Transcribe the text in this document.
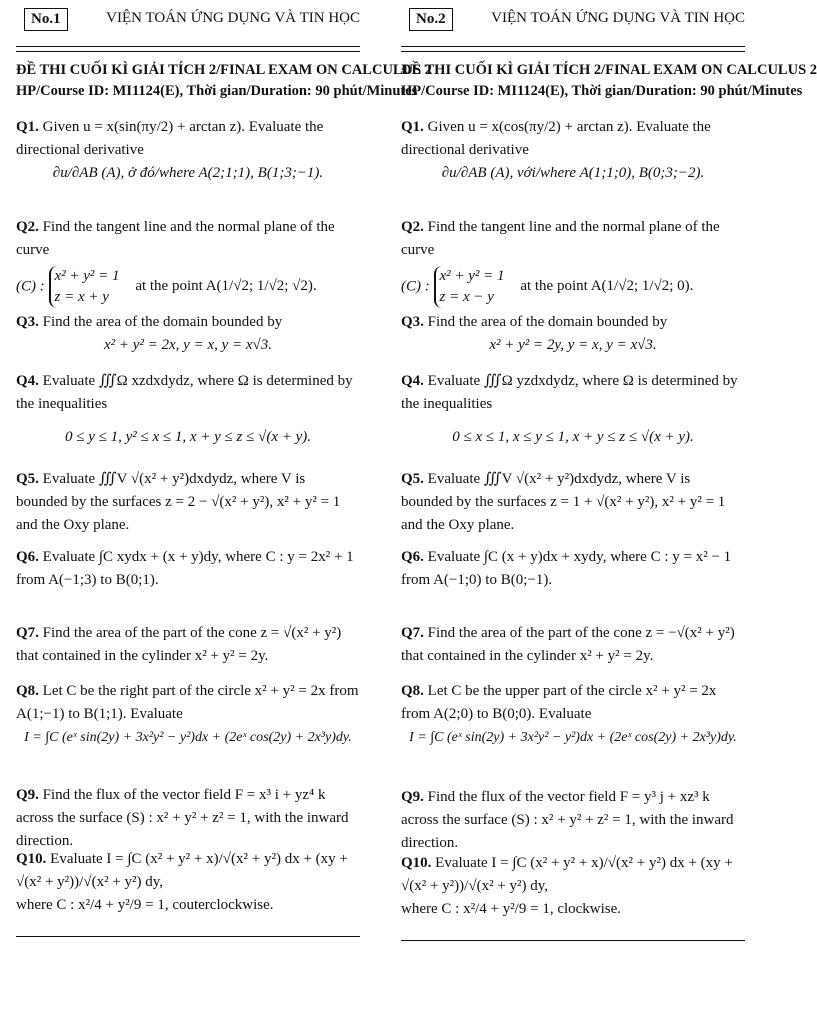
No.1	VIỆN TOÁN ỨNG DỤNG VÀ TIN HỌC
ĐỀ THI CUỐI KÌ GIẢI TÍCH 2/FINAL EXAM ON CALCULUS 2
HP/Course ID: MI1124(E), Thời gian/Duration: 90 phút/Minutes
Q1. Given u = x(sin(πy/2) + arctan z). Evaluate the directional derivative
∂u/∂AB (A), ở đó/where A(2;1;1), B(1;3;−1).
Q2. Find the tangent line and the normal plane of the curve
(C) :
x² + y² = 1
z = x + y
at the point A(1/√2; 1/√2; √2).
Q3. Find the area of the domain bounded by
x² + y² = 2x, y = x, y = x√3.
Q4. Evaluate ∭Ω xzdxdydz, where Ω is determined by the inequalities
0 ≤ y ≤ 1, y² ≤ x ≤ 1, x + y ≤ z ≤ √(x + y).
Q5. Evaluate ∭V √(x² + y²)dxdydz, where V is bounded by the surfaces z = 2 − √(x² + y²), x² + y² = 1 and the Oxy plane.
Q6. Evaluate ∫C xydx + (x + y)dy, where C : y = 2x² + 1 from A(−1;3) to B(0;1).
Q7. Find the area of the part of the cone z = √(x² + y²) that contained in the cylinder x² + y² = 2y.
Q8. Let C be the right part of the circle x² + y² = 2x from A(1;−1) to B(1;1). Evaluate
I = ∫C (eˣ sin(2y) + 3x²y² − y²)dx + (2eˣ cos(2y) + 2x³y)dy.
Q9. Find the flux of the vector field F = x³ i + yz⁴ k across the surface (S) : x² + y² + z² = 1, with the inward direction.
Q10. Evaluate I = ∫C (x² + y² + x)/√(x² + y²) dx + (xy + √(x² + y²))/√(x² + y²) dy,
where C : x²/4 + y²/9 = 1, couterclockwise.
No.2	VIỆN TOÁN ỨNG DỤNG VÀ TIN HỌC
ĐỀ THI CUỐI KÌ GIẢI TÍCH 2/FINAL EXAM ON CALCULUS 2
HP/Course ID: MI1124(E), Thời gian/Duration: 90 phút/Minutes
Q1. Given u = x(cos(πy/2) + arctan z). Evaluate the directional derivative
∂u/∂AB (A), với/where A(1;1;0), B(0;3;−2).
Q2. Find the tangent line and the normal plane of the curve
(C) :
x² + y² = 1
z = x − y
at the point A(1/√2; 1/√2; 0).
Q3. Find the area of the domain bounded by
x² + y² = 2y, y = x, y = x√3.
Q4. Evaluate ∭Ω yzdxdydz, where Ω is determined by the inequalities
0 ≤ x ≤ 1, x ≤ y ≤ 1, x + y ≤ z ≤ √(x + y).
Q5. Evaluate ∭V √(x² + y²)dxdydz, where V is bounded by the surfaces z = 1 + √(x² + y²), x² + y² = 1 and the Oxy plane.
Q6. Evaluate ∫C (x + y)dx + xydy, where C : y = x² − 1 from A(−1;0) to B(0;−1).
Q7. Find the area of the part of the cone z = −√(x² + y²) that contained in the cylinder x² + y² = 2y.
Q8. Let C be the upper part of the circle x² + y² = 2x from A(2;0) to B(0;0). Evaluate
I = ∫C (eˣ sin(2y) + 3x²y² − y²)dx + (2eˣ cos(2y) + 2x³y)dy.
Q9. Find the flux of the vector field F = y³ j + xz³ k across the surface (S) : x² + y² + z² = 1, with the inward direction.
Q10. Evaluate I = ∫C (x² + y² + x)/√(x² + y²) dx + (xy + √(x² + y²))/√(x² + y²) dy,
where C : x²/4 + y²/9 = 1, clockwise.
